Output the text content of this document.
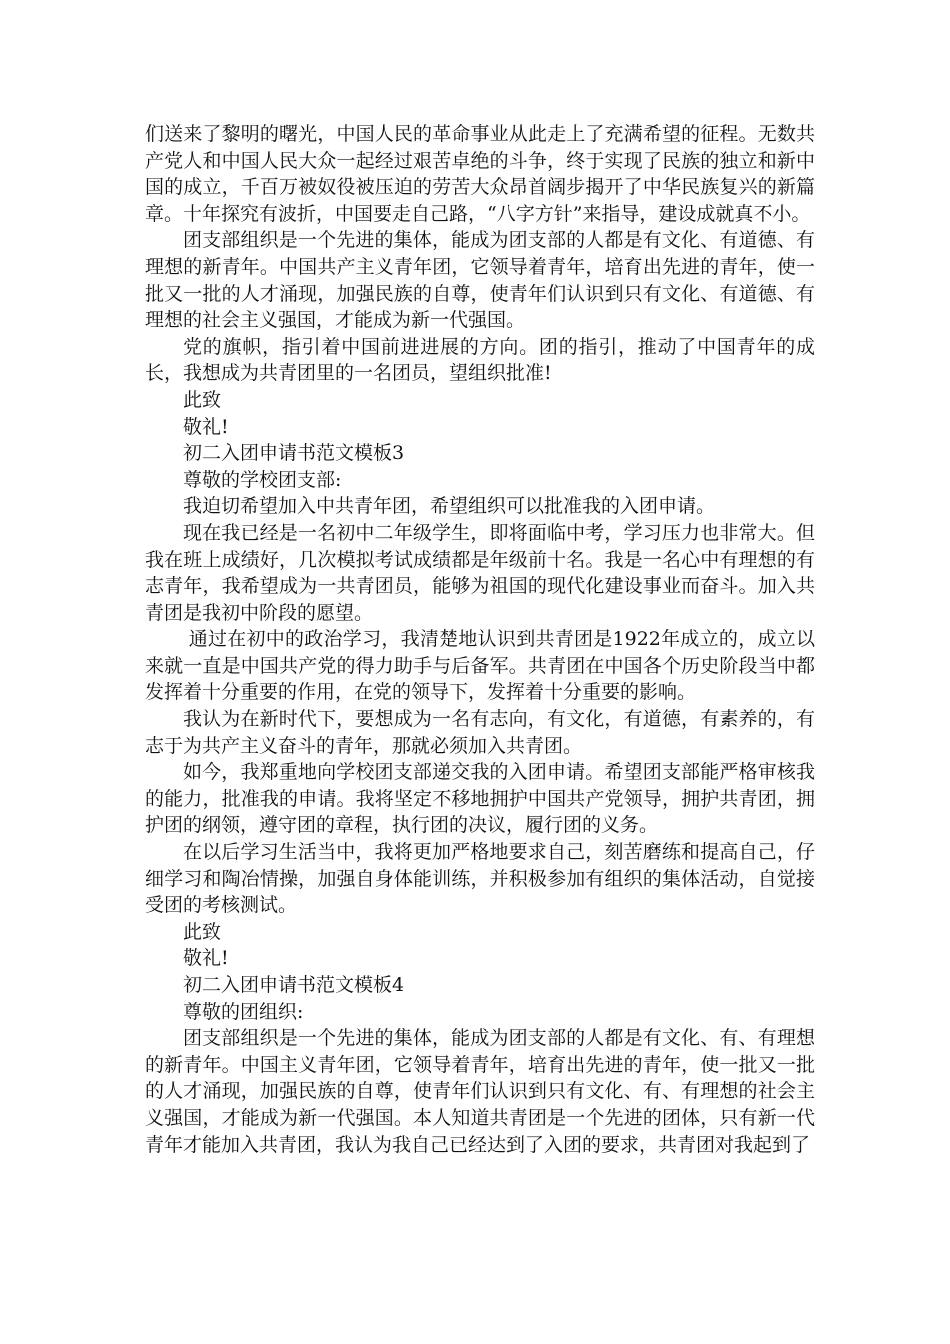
们送来了黎明的曙光，中国人民的革命事业从此走上了充满希望的征程。无数共产党人和中国人民大众一起经过艰苦卓绝的斗争，终于实现了民族的独立和新中国的成立，千百万被奴役被压迫的劳苦大众昂首阔步揭开了中华民族复兴的新篇章。十年探究有波折，中国要走自己路，“八字方针”来指导，建设成就真不小。

团支部组织是一个先进的集体，能成为团支部的人都是有文化、有道德、有理想的新青年。中国共产主义青年团，它领导着青年，培育出先进的青年，使一批又一批的人才涌现，加强民族的自尊，使青年们认识到只有文化、有道德、有理想的社会主义强国，才能成为新一代强国。

党的旗帜，指引着中国前进进展的方向。团的指引，推动了中国青年的成长，我想成为共青团里的一名团员，望组织批准!

此致

敬礼!

初二入团申请书范文模板3

尊敬的学校团支部:

我迫切希望加入中共青年团，希望组织可以批准我的入团申请。

现在我已经是一名初中二年级学生，即将面临中考，学习压力也非常大。但我在班上成绩好，几次模拟考试成绩都是年级前十名。我是一名心中有理想的有志青年，我希望成为一共青团员，能够为祖国的现代化建设事业而奋斗。加入共青团是我初中阶段的愿望。

通过在初中的政治学习，我清楚地认识到共青团是1922年成立的，成立以来就一直是中国共产党的得力助手与后备军。共青团在中国各个历史阶段当中都发挥着十分重要的作用，在党的领导下，发挥着十分重要的影响。

我认为在新时代下，要想成为一名有志向，有文化，有道德，有素养的，有志于为共产主义奋斗的青年，那就必须加入共青团。

如今，我郑重地向学校团支部递交我的入团申请。希望团支部能严格审核我的能力，批准我的申请。我将坚定不移地拥护中国共产党领导，拥护共青团，拥护团的纲领，遵守团的章程，执行团的决议，履行团的义务。

在以后学习生活当中，我将更加严格地要求自己，刻苦磨练和提高自己，仔细学习和陶冶情操，加强自身体能训练，并积极参加有组织的集体活动，自觉接受团的考核测试。

此致

敬礼!

初二入团申请书范文模板4

尊敬的团组织:

团支部组织是一个先进的集体，能成为团支部的人都是有文化、有、有理想的新青年。中国主义青年团，它领导着青年，培育出先进的青年，使一批又一批的人才涌现，加强民族的自尊，使青年们认识到只有文化、有、有理想的社会主义强国，才能成为新一代强国。本人知道共青团是一个先进的团体，只有新一代青年才能加入共青团，我认为我自己已经达到了入团的要求，共青团对我起到了
